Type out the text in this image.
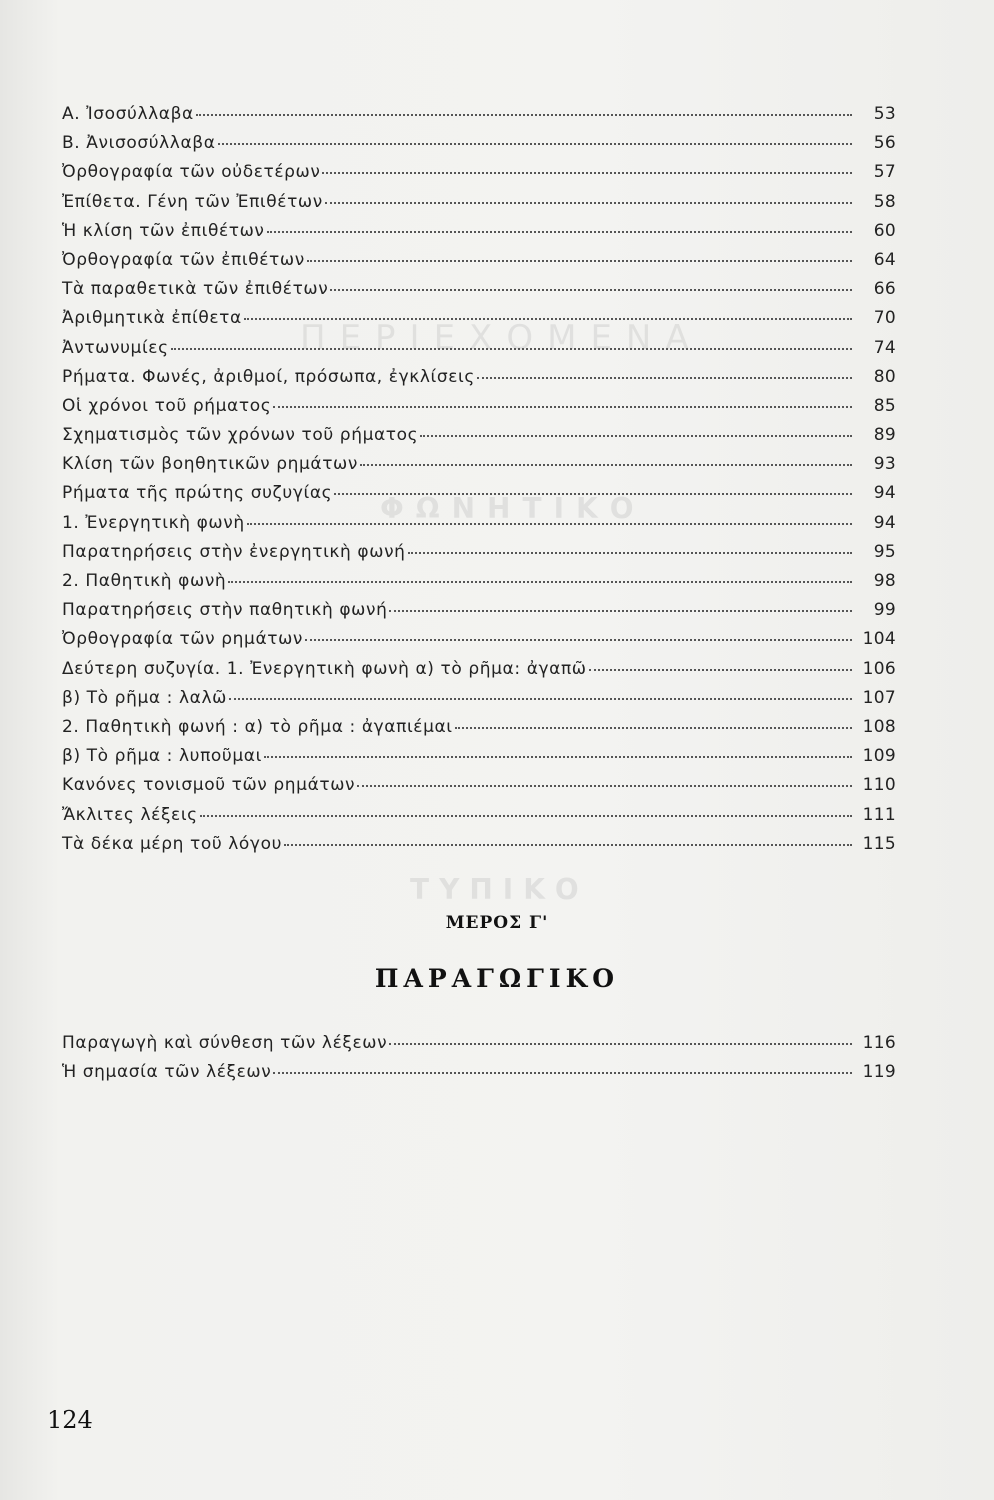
ΠΕΡΙΕΧΟΜΕΝΑ
ΦΩΝΗΤΙΚΟ
ΤΥΠΙΚΟ
Α. Ἰσοσύλλαβα	53
Β. Ἀνισοσύλλαβα	56
Ὀρθογραφία τῶν οὐδετέρων	57
Ἐπίθετα. Γένη τῶν Ἐπιθέτων	58
Ἡ κλίση τῶν ἐπιθέτων	60
Ὀρθογραφία τῶν ἐπιθέτων	64
Τὰ παραθετικὰ τῶν ἐπιθέτων	66
Ἀριθμητικὰ ἐπίθετα	70
Ἀντωνυμίες	74
Ρήματα. Φωνές, ἀριθμοί, πρόσωπα, ἐγκλίσεις	80
Οἱ χρόνοι τοῦ ρήματος	85
Σχηματισμὸς τῶν χρόνων τοῦ ρήματος	89
Κλίση τῶν βοηθητικῶν ρημάτων	93
Ρήματα τῆς πρώτης συζυγίας	94
1. Ἐνεργητικὴ φωνὴ	94
Παρατηρήσεις στὴν ἐνεργητικὴ φωνή	95
2. Παθητικὴ φωνὴ	98
Παρατηρήσεις στὴν παθητικὴ φωνή	99
Ὀρθογραφία τῶν ρημάτων	104
Δεύτερη συζυγία. 1. Ἐνεργητικὴ φωνὴ α) τὸ ρῆμα: ἀγαπῶ	106
β) Τὸ ρῆμα : λαλῶ	107
2. Παθητικὴ φωνή : α) τὸ ρῆμα : ἀγαπιέμαι	108
β) Τὸ ρῆμα : λυποῦμαι	109
Κανόνες τονισμοῦ τῶν ρημάτων	110
Ἄκλιτες λέξεις	111
Τὰ δέκα μέρη τοῦ λόγου	115
ΜΕΡΟΣ Γ'
ΠΑΡΑΓΩΓΙΚΟ
Παραγωγὴ καὶ σύνθεση τῶν λέξεων	116
Ἡ σημασία τῶν λέξεων	119
124
